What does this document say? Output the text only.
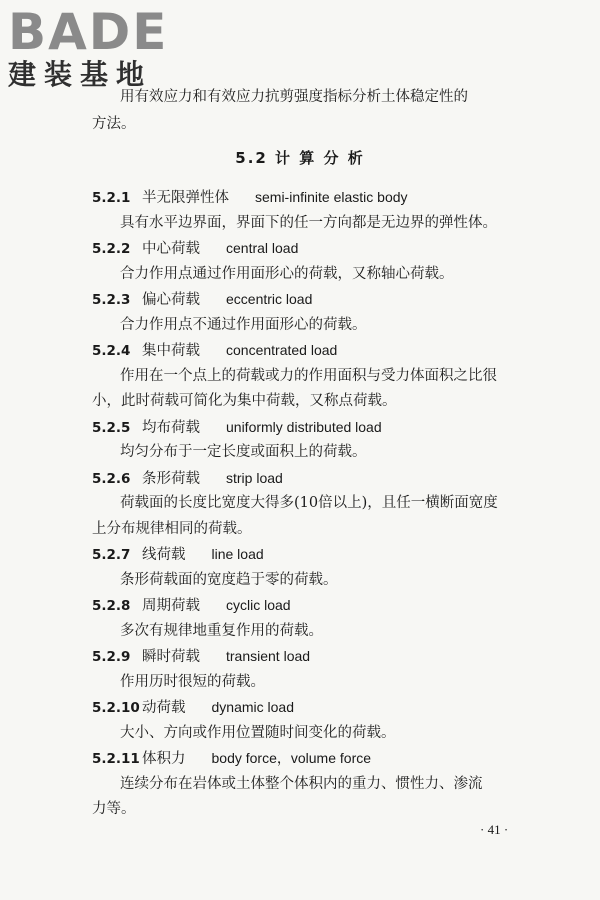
BADE
建装基地
用有效应力和有效应力抗剪强度指标分析土体稳定性的
方法。
5.2 计 算 分 析
5.2.1 半无限弹性体 semi-infinite elastic body
具有水平边界面，界面下的任一方向都是无边界的弹性体。
5.2.2 中心荷载 central load
合力作用点通过作用面形心的荷载，又称轴心荷载。
5.2.3 偏心荷载 eccentric load
合力作用点不通过作用面形心的荷载。
5.2.4 集中荷载 concentrated load
作用在一个点上的荷载或力的作用面积与受力体面积之比很
小，此时荷载可简化为集中荷载，又称点荷载。
5.2.5 均布荷载 uniformly distributed load
均匀分布于一定长度或面积上的荷载。
5.2.6 条形荷载 strip load
荷载面的长度比宽度大得多(10倍以上)，且任一横断面宽度
上分布规律相同的荷载。
5.2.7 线荷载 line load
条形荷载面的宽度趋于零的荷载。
5.2.8 周期荷载 cyclic load
多次有规律地重复作用的荷载。
5.2.9 瞬时荷载 transient load
作用历时很短的荷载。
5.2.10 动荷载 dynamic load
大小、方向或作用位置随时间变化的荷载。
5.2.11 体积力 body force，volume force
连续分布在岩体或土体整个体积内的重力、惯性力、渗流
力等。
· 41 ·
